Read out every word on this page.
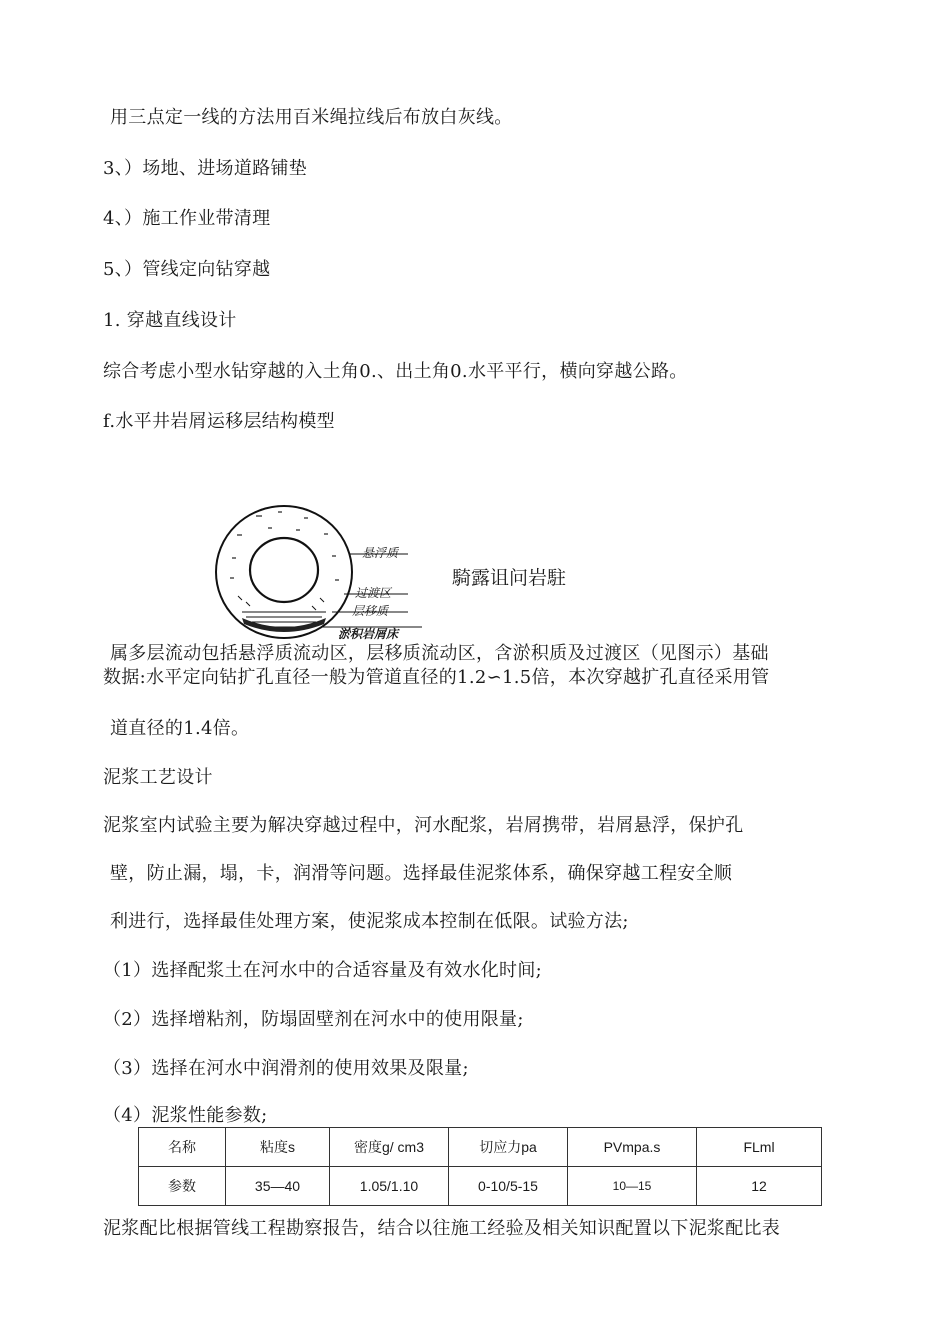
用三点定一线的方法用百米绳拉线后布放白灰线。
3、）场地、进场道路铺垫
4、）施工作业带清理
5、）管线定向钻穿越
1. 穿越直线设计
综合考虑小型水钻穿越的入土角0.、出土角0.水平平行，横向穿越公路。
f.水平井岩屑运移层结构模型
悬浮质
过渡区
层移质
淤积岩屑床
騎露诅问岩駐
属多层流动包括悬浮质流动区，层移质流动区，含淤积质及过渡区（见图示）基础
数据:水平定向钻扩孔直径一般为管道直径的1.2∽1.5倍，本次穿越扩孔直径采用管
道直径的1.4倍。
泥浆工艺设计
泥浆室内试验主要为解决穿越过程中，河水配浆，岩屑携带，岩屑悬浮，保护孔
壁，防止漏，塌，卡，润滑等问题。选择最佳泥浆体系，确保穿越工程安全顺
利进行，选择最佳处理方案，使泥浆成本控制在低限。试验方法;
（1）选择配浆土在河水中的合适容量及有效水化时间;
（2）选择增粘剂，防塌固壁剂在河水中的使用限量;
（3）选择在河水中润滑剂的使用效果及限量;
（4）泥浆性能参数;
名称	粘度s	密度g/ cm3	切应力pa	PVmpa.s	FLml
参数	35—40	1.05/1.10	0-10/5-15	10—15	12
泥浆配比根据管线工程勘察报告，结合以往施工经验及相关知识配置以下泥浆配比表
